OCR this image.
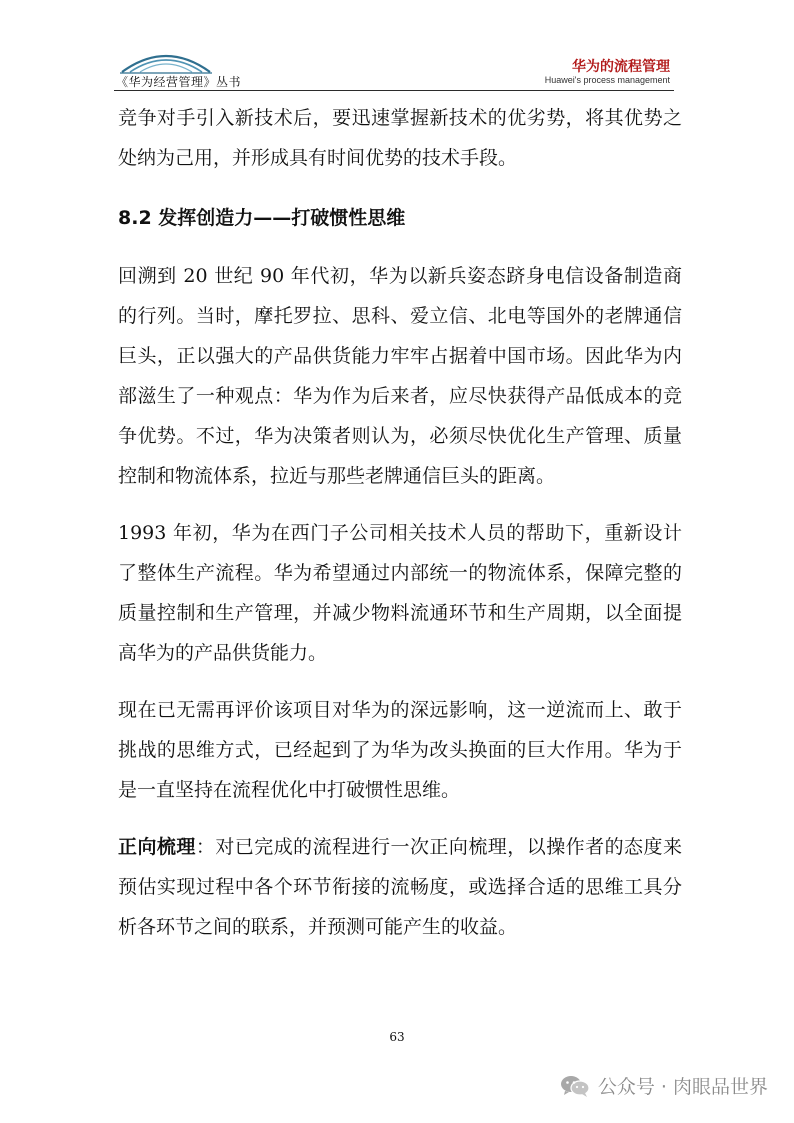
《华为经营管理》丛书
华为的流程管理
Huawei's process management

竞争对手引入新技术后，要迅速掌握新技术的优劣势，将其优势之处纳为己用，并形成具有时间优势的技术手段。

8.2 发挥创造力——打破惯性思维

回溯到 20 世纪 90 年代初，华为以新兵姿态跻身电信设备制造商的行列。当时，摩托罗拉、思科、爱立信、北电等国外的老牌通信巨头，正以强大的产品供货能力牢牢占据着中国市场。因此华为内部滋生了一种观点：华为作为后来者，应尽快获得产品低成本的竞争优势。不过，华为决策者则认为，必须尽快优化生产管理、质量控制和物流体系，拉近与那些老牌通信巨头的距离。

1993 年初，华为在西门子公司相关技术人员的帮助下，重新设计了整体生产流程。华为希望通过内部统一的物流体系，保障完整的质量控制和生产管理，并减少物料流通环节和生产周期，以全面提高华为的产品供货能力。

现在已无需再评价该项目对华为的深远影响，这一逆流而上、敢于挑战的思维方式，已经起到了为华为改头换面的巨大作用。华为于是一直坚持在流程优化中打破惯性思维。

正向梳理：对已完成的流程进行一次正向梳理，以操作者的态度来预估实现过程中各个环节衔接的流畅度，或选择合适的思维工具分析各环节之间的联系，并预测可能产生的收益。

63
公众号 · 肉眼品世界
